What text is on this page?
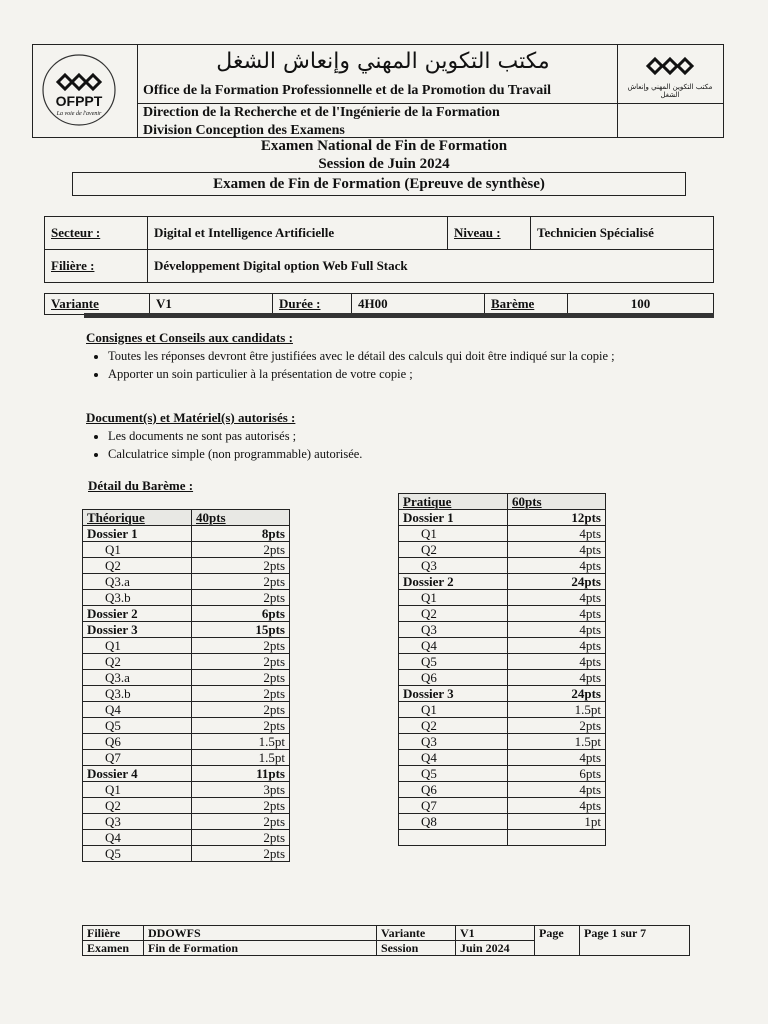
OFPPT
La voie de l'avenir
مكتب التكوين المهني وإنعاش الشغل
Office de la Formation Professionnelle et de la Promotion du Travail
Direction de la Recherche et de l'Ingénierie de la Formation
Division Conception des Examens
مكتب التكوين المهني وإنعاش الشغل
Examen National de Fin de Formation
Session de Juin 2024
Examen de Fin de Formation (Epreuve de synthèse)
Secteur :	Digital et Intelligence Artificielle	Niveau :	Technicien Spécialisé
Filière :	Développement Digital option Web Full Stack		
Variante	V1	Durée :	4H00	Barème	100
Consignes et Conseils aux candidats :
• Toutes les réponses devront être justifiées avec le détail des calculs qui doit être indiqué sur la copie ;
• Apporter un soin particulier à la présentation de votre copie ;
Document(s) et Matériel(s) autorisés :
• Les documents ne sont pas autorisés ;
• Calculatrice simple (non programmable) autorisée.
Détail du Barème :
Théorique	40pts
Dossier 1	8pts
Q1	2pts
Q2	2pts
Q3.a	2pts
Q3.b	2pts
Dossier 2	6pts
Dossier 3	15pts
Q1	2pts
Q2	2pts
Q3.a	2pts
Q3.b	2pts
Q4	2pts
Q5	2pts
Q6	1.5pt
Q7	1.5pt
Dossier 4	11pts
Q1	3pts
Q2	2pts
Q3	2pts
Q4	2pts
Q5	2pts
Pratique	60pts
Dossier 1	12pts
Q1	4pts
Q2	4pts
Q3	4pts
Dossier 2	24pts
Q1	4pts
Q2	4pts
Q3	4pts
Q4	4pts
Q5	4pts
Q6	4pts
Dossier 3	24pts
Q1	1.5pt
Q2	2pts
Q3	1.5pt
Q4	4pts
Q5	6pts
Q6	4pts
Q7	4pts
Q8	1pt

Filière	DDOWFS	Variante	V1	Page	Page 1 sur 7
Examen	Fin de Formation	Session	Juin 2024		
